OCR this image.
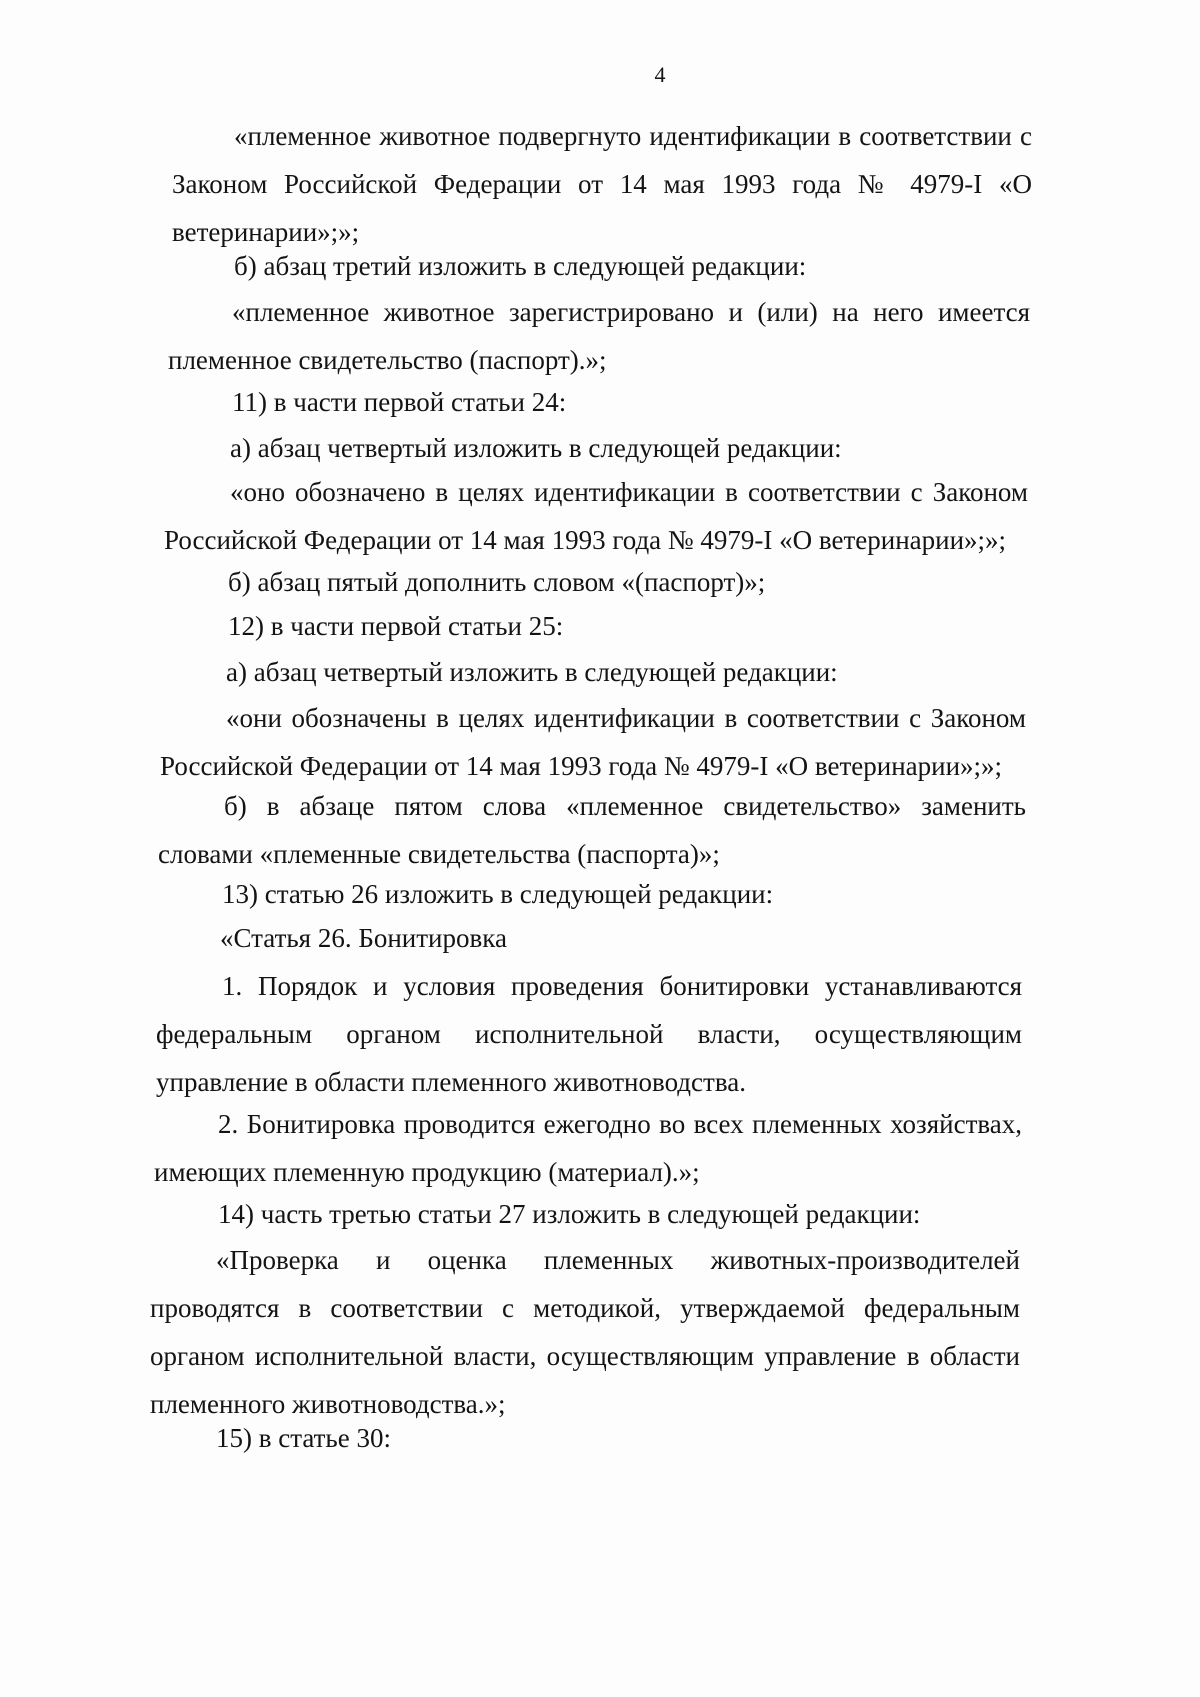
4

«племенное животное подвергнуто идентификации в соответствии с Законом Российской Федерации от 14 мая 1993 года № 4979-I «О ветеринарии»;»;

б) абзац третий изложить в следующей редакции:

«племенное животное зарегистрировано и (или) на него имеется племенное свидетельство (паспорт).»;

11) в части первой статьи 24:

а) абзац четвертый изложить в следующей редакции:

«оно обозначено в целях идентификации в соответствии с Законом Российской Федерации от 14 мая 1993 года № 4979-I «О ветеринарии»;»;

б) абзац пятый дополнить словом «(паспорт)»;

12) в части первой статьи 25:

а) абзац четвертый изложить в следующей редакции:

«они обозначены в целях идентификации в соответствии с Законом Российской Федерации от 14 мая 1993 года № 4979-I «О ветеринарии»;»;

б) в абзаце пятом слова «племенное свидетельство» заменить словами «племенные свидетельства (паспорта)»;

13) статью 26 изложить в следующей редакции:

«Статья 26. Бонитировка

1. Порядок и условия проведения бонитировки устанавливаются федеральным органом исполнительной власти, осуществляющим управление в области племенного животноводства.

2. Бонитировка проводится ежегодно во всех племенных хозяйствах, имеющих племенную продукцию (материал).»;

14) часть третью статьи 27 изложить в следующей редакции:

«Проверка и оценка племенных животных-производителей проводятся в соответствии с методикой, утверждаемой федеральным органом исполнительной власти, осуществляющим управление в области племенного животноводства.»;

15) в статье 30:
